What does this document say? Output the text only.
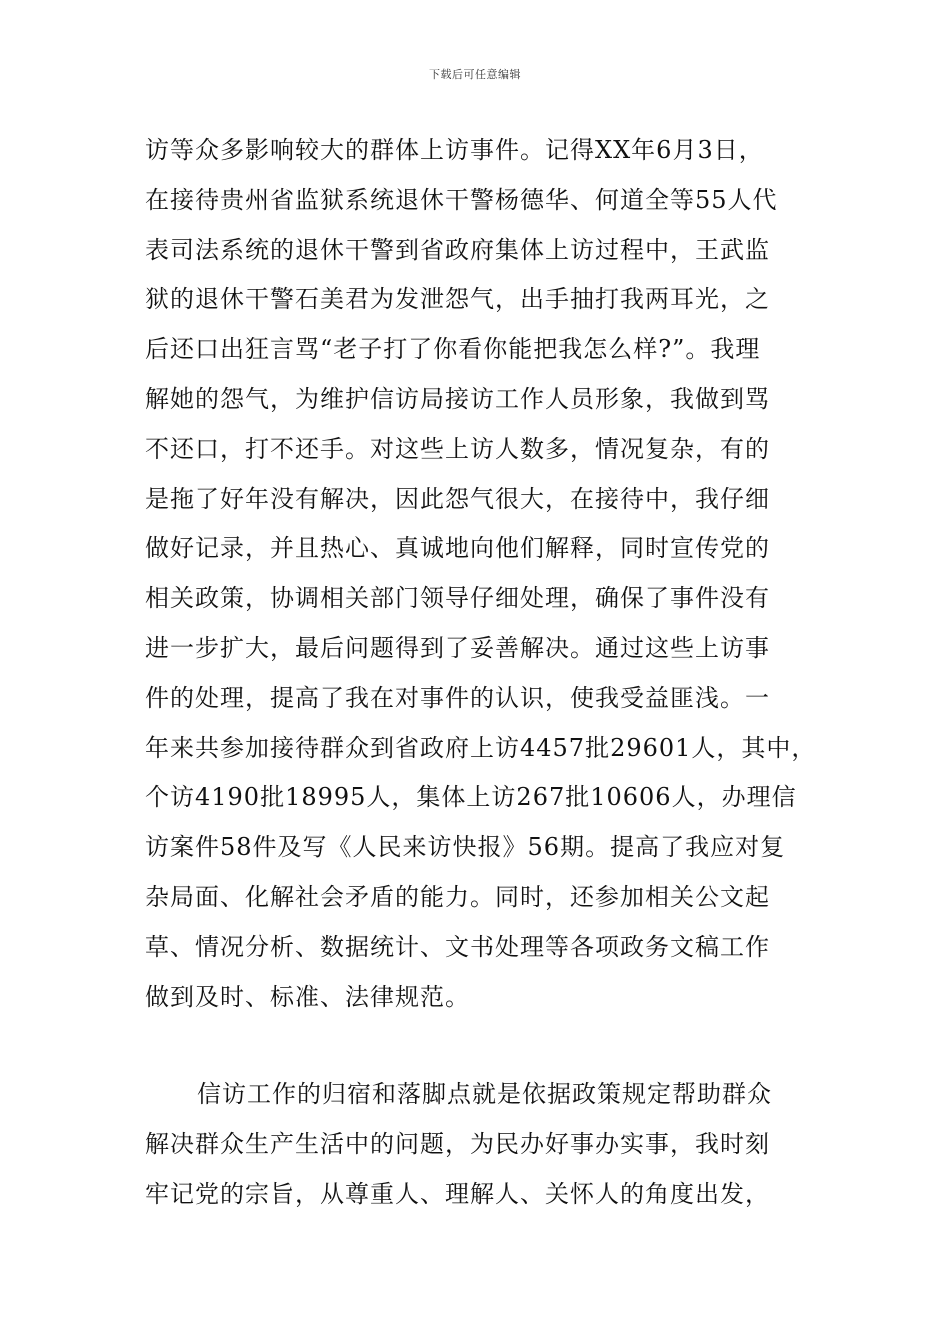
下载后可任意编辑
访等众多影响较大的群体上访事件。记得XX年6月3日，
在接待贵州省监狱系统退休干警杨德华、何道全等55人代
表司法系统的退休干警到省政府集体上访过程中，王武监
狱的退休干警石美君为发泄怨气，出手抽打我两耳光，之
后还口出狂言骂“老子打了你看你能把我怎么样?”。我理
解她的怨气，为维护信访局接访工作人员形象，我做到骂
不还口，打不还手。对这些上访人数多，情况复杂，有的
是拖了好年没有解决，因此怨气很大，在接待中，我仔细
做好记录，并且热心、真诚地向他们解释，同时宣传党的
相关政策，协调相关部门领导仔细处理，确保了事件没有
进一步扩大，最后问题得到了妥善解决。通过这些上访事
件的处理，提高了我在对事件的认识，使我受益匪浅。一
年来共参加接待群众到省政府上访4457批29601人，其中，
个访4190批18995人，集体上访267批10606人，办理信
访案件58件及写《人民来访快报》56期。提高了我应对复
杂局面、化解社会矛盾的能力。同时，还参加相关公文起
草、情况分析、数据统计、文书处理等各项政务文稿工作
做到及时、标准、法律规范。
信访工作的归宿和落脚点就是依据政策规定帮助群众
解决群众生产生活中的问题，为民办好事办实事，我时刻
牢记党的宗旨，从尊重人、理解人、关怀人的角度出发，
